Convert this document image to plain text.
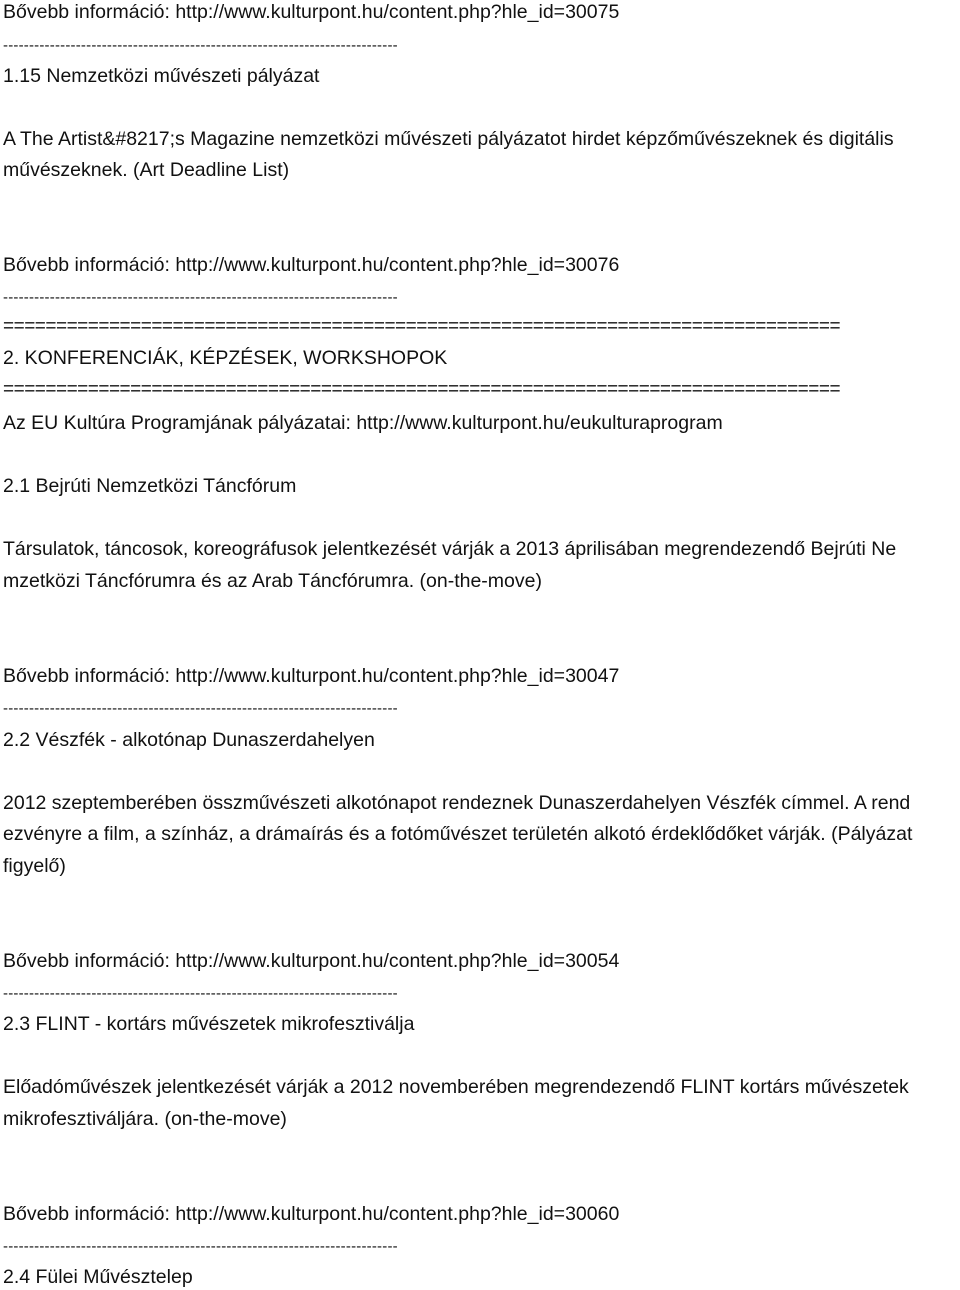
Bővebb információ: http://www.kulturpont.hu/content.php?hle_id=30075
----------------------------------------------------------------------------
1.15 Nemzetközi művészeti pályázat
A The Artist&#8217;s Magazine nemzetközi művészeti pályázatot hirdet képzőművészeknek és digitális
művészeknek. (Art Deadline List)
Bővebb információ: http://www.kulturpont.hu/content.php?hle_id=30076
----------------------------------------------------------------------------
===============================================================================
2. KONFERENCIÁK, KÉPZÉSEK, WORKSHOPOK
===============================================================================
Az EU Kultúra Programjának pályázatai: http://www.kulturpont.hu/eukulturaprogram
2.1 Bejrúti Nemzetközi Táncfórum
Társulatok, táncosok, koreográfusok jelentkezését várják a 2013 áprilisában megrendezendő Bejrúti Ne
mzetközi Táncfórumra és az Arab Táncfórumra. (on-the-move)
Bővebb információ: http://www.kulturpont.hu/content.php?hle_id=30047
----------------------------------------------------------------------------
2.2 Vészfék - alkotónap Dunaszerdahelyen
2012 szeptemberében összművészeti alkotónapot rendeznek Dunaszerdahelyen Vészfék címmel. A rend
ezvényre a film, a színház, a drámaírás és a fotóművészet területén alkotó érdeklődőket várják. (Pályázat
figyelő)
Bővebb információ: http://www.kulturpont.hu/content.php?hle_id=30054
----------------------------------------------------------------------------
2.3 FLINT - kortárs művészetek mikrofesztiválja
Előadóművészek jelentkezését várják a 2012 novemberében megrendezendő FLINT kortárs művészetek
mikrofesztiváljára. (on-the-move)
Bővebb információ: http://www.kulturpont.hu/content.php?hle_id=30060
----------------------------------------------------------------------------
2.4 Fülei Művésztelep
